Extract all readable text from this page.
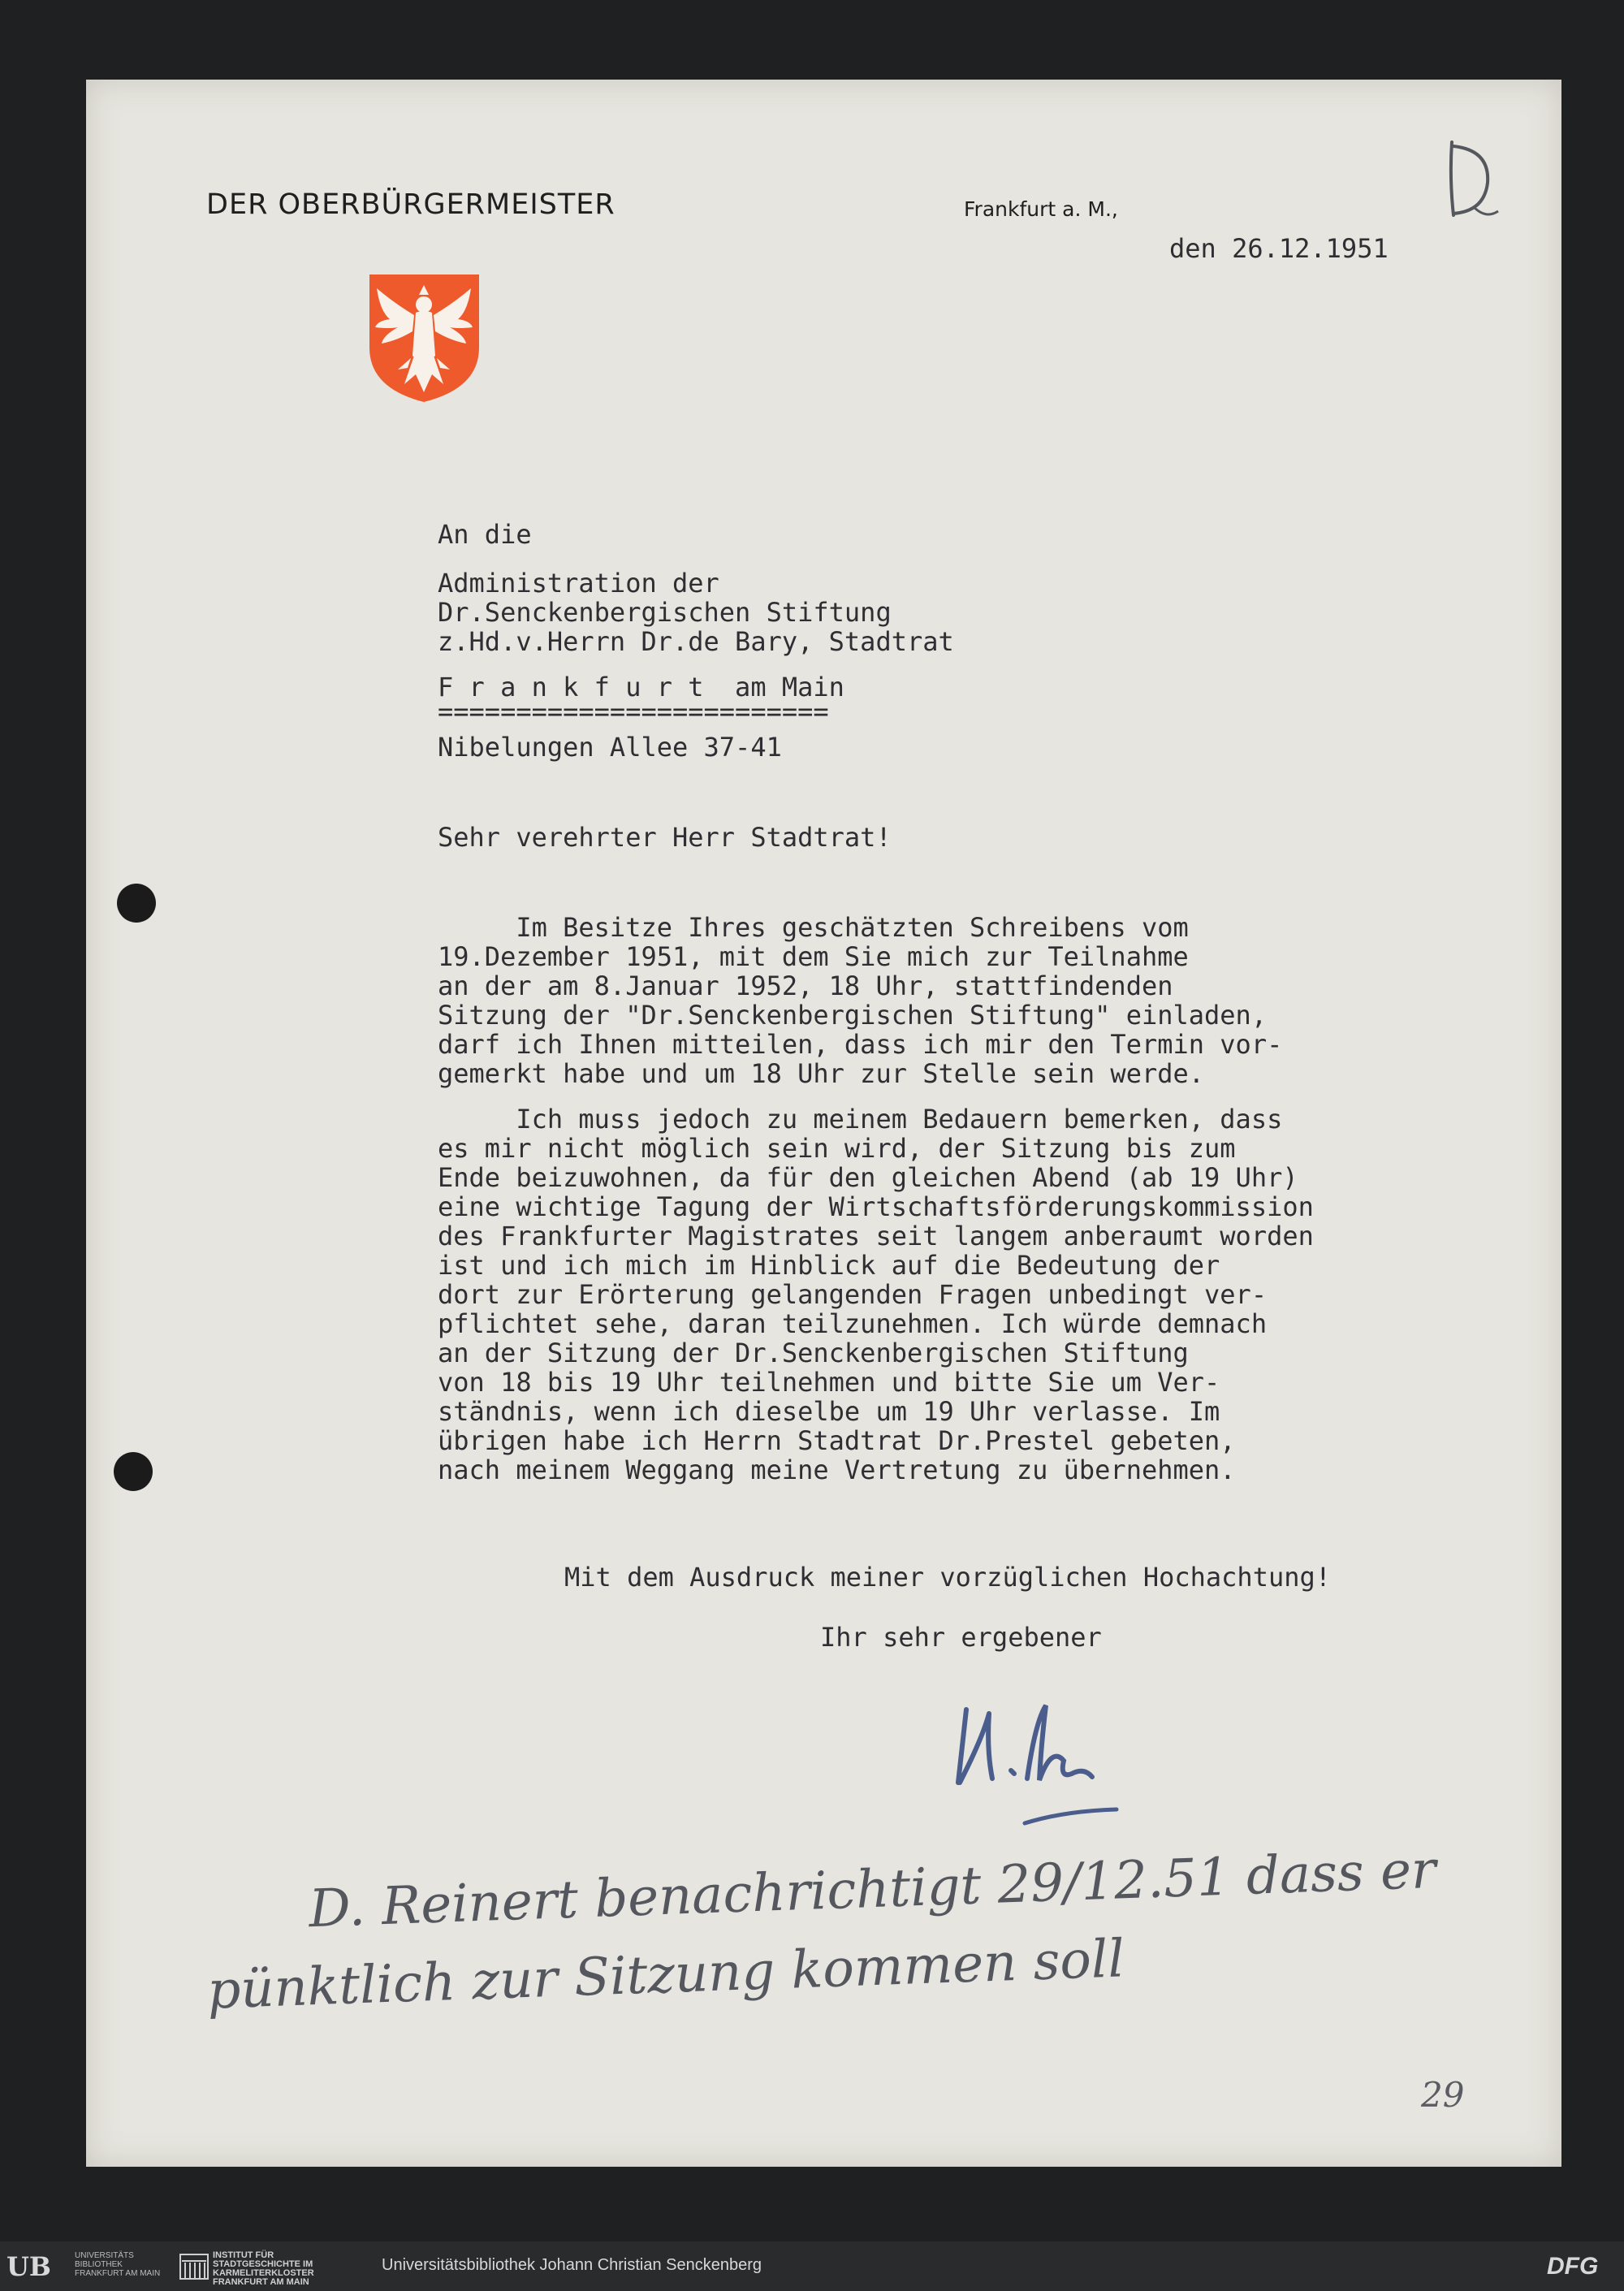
DER OBERBÜRGERMEISTER	Frankfurt a. M.,
den 26.12.1951
An die
Administration der
Dr.Senckenbergischen Stiftung
z.Hd.v.Herrn Dr.de Bary, Stadtrat
F r a n k f u r t  am Main
=========================
Nibelungen Allee 37-41
Sehr verehrter Herr Stadtrat!
Im Besitze Ihres geschätzten Schreibens vom
19.Dezember 1951, mit dem Sie mich zur Teilnahme
an der am 8.Januar 1952, 18 Uhr, stattfindenden
Sitzung der "Dr.Senckenbergischen Stiftung" einladen,
darf ich Ihnen mitteilen, dass ich mir den Termin vor-
gemerkt habe und um 18 Uhr zur Stelle sein werde.
Ich muss jedoch zu meinem Bedauern bemerken, dass
es mir nicht möglich sein wird, der Sitzung bis zum
Ende beizuwohnen, da für den gleichen Abend (ab 19 Uhr)
eine wichtige Tagung der Wirtschaftsförderungskommission
des Frankfurter Magistrates seit langem anberaumt worden
ist und ich mich im Hinblick auf die Bedeutung der
dort zur Erörterung gelangenden Fragen unbedingt ver-
pflichtet sehe, daran teilzunehmen. Ich würde demnach
an der Sitzung der Dr.Senckenbergischen Stiftung
von 18 bis 19 Uhr teilnehmen und bitte Sie um Ver-
ständnis, wenn ich dieselbe um 19 Uhr verlasse. Im
übrigen habe ich Herrn Stadtrat Dr.Prestel gebeten,
nach meinem Weggang meine Vertretung zu übernehmen.
Mit dem Ausdruck meiner vorzüglichen Hochachtung!
Ihr sehr ergebener
D. Reinert benachrichtigt 29/12.51 dass er
pünktlich zur Sitzung kommen soll
29
UB	UNIVERSITÄTS BIBLIOTHEK FRANKFURT AM MAIN
INSTITUT FÜR STADTGESCHICHTE IM KARMELITERKLOSTER FRANKFURT AM MAIN
Universitätsbibliothek Johann Christian Senckenberg	DFG
